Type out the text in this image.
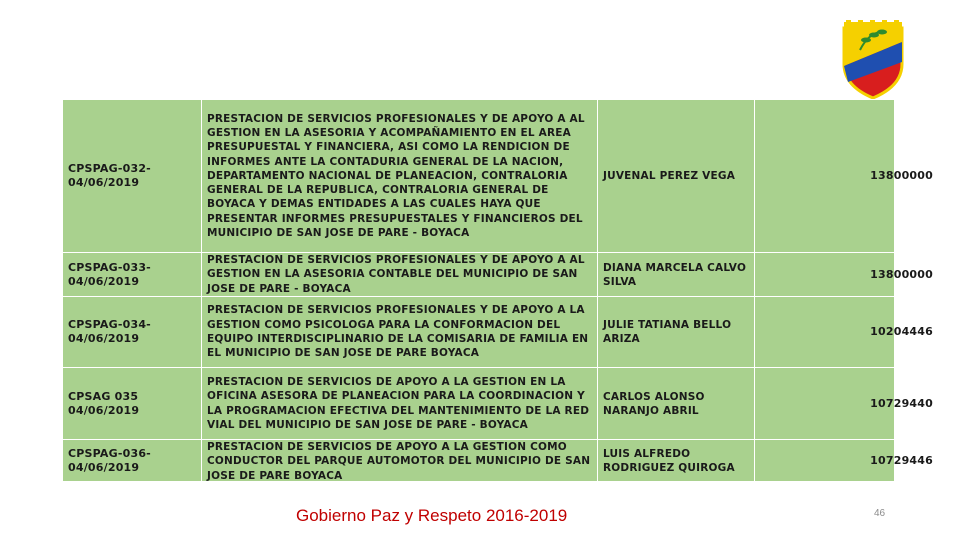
CPSPAG-032-
04/06/2019	PRESTACION DE SERVICIOS PROFESIONALES Y DE APOYO A AL GESTION EN LA ASESORIA Y ACOMPAÑAMIENTO EN EL AREA PRESUPUESTAL Y FINANCIERA, ASI COMO LA RENDICION DE INFORMES ANTE LA CONTADURIA GENERAL DE LA NACION, DEPARTAMENTO NACIONAL DE PLANEACION, CONTRALORIA GENERAL DE LA REPUBLICA, CONTRALORIA GENERAL DE BOYACA Y DEMAS ENTIDADES A LAS CUALES HAYA QUE PRESENTAR INFORMES PRESUPUESTALES Y FINANCIEROS DEL MUNICIPIO DE SAN JOSE DE PARE - BOYACA	JUVENAL PEREZ VEGA	13800000

CPSPAG-033-
04/06/2019	PRESTACION DE SERVICIOS PROFESIONALES Y DE APOYO A AL GESTION EN LA ASESORIA CONTABLE DEL MUNICIPIO DE SAN JOSE DE PARE - BOYACA	DIANA MARCELA CALVO SILVA	13800000

CPSPAG-034-
04/06/2019	PRESTACION DE SERVICIOS PROFESIONALES Y DE APOYO A LA GESTION COMO PSICOLOGA PARA LA CONFORMACION DEL EQUIPO INTERDISCIPLINARIO DE LA COMISARIA DE FAMILIA EN EL MUNICIPIO DE SAN JOSE DE PARE BOYACA	JULIE TATIANA BELLO ARIZA	10204446

CPSAG 035
04/06/2019	PRESTACION DE SERVICIOS DE APOYO A LA GESTION EN LA OFICINA ASESORA DE PLANEACION PARA LA COORDINACION Y LA PROGRAMACION EFECTIVA DEL MANTENIMIENTO DE LA RED VIAL DEL MUNICIPIO DE SAN JOSE DE PARE - BOYACA	CARLOS ALONSO NARANJO ABRIL	10729440

CPSPAG-036-
04/06/2019	PRESTACION DE SERVICIOS DE APOYO A LA GESTION COMO CONDUCTOR DEL PARQUE AUTOMOTOR DEL MUNICIPIO DE SAN JOSE DE PARE BOYACA	LUIS ALFREDO RODRIGUEZ QUIROGA	10729446
Gobierno Paz y Respeto 2016-2019	46
